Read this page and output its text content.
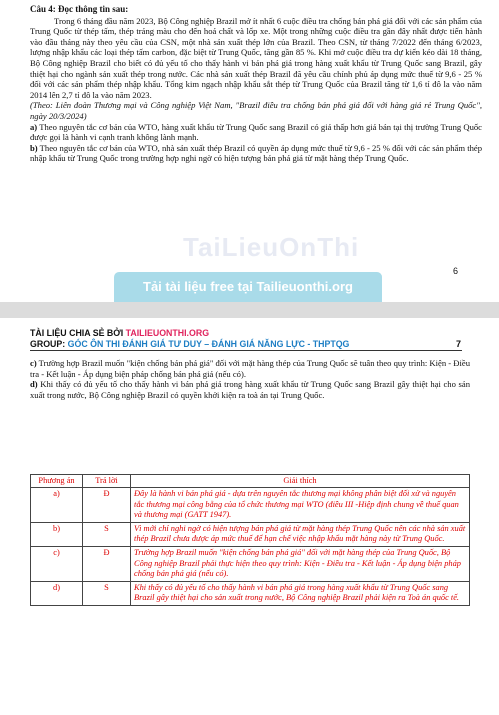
Câu 4: Đọc thông tin sau:

Trong 6 tháng đầu năm 2023, Bộ Công nghiệp Brazil mở ít nhất 6 cuộc điều tra chống bán phá giá đối với các sản phẩm của Trung Quốc từ thép tấm, thép tráng màu cho đến hoá chất và lốp xe. Một trong những cuộc điều tra gần đây nhất được tiến hành vào đầu tháng này theo yêu cầu của CSN, một nhà sản xuất thép lớn của Brazil. Theo CSN, từ tháng 7/2022 đến tháng 6/2023, lượng nhập khẩu các loại thép tấm carbon, đặc biệt từ Trung Quốc, tăng gần 85 %. Khi mở cuộc điều tra dự kiến kéo dài 18 tháng, Bộ Công nghiệp Brazil cho biết có đủ yếu tố cho thấy hành vi bán phá giá trong hàng xuất khẩu từ Trung Quốc sang Brazil, gây thiệt hại cho ngành sản xuất thép trong nước. Các nhà sản xuất thép Brazil đã yêu cầu chính phủ áp dụng mức thuế từ 9,6 - 25 % đối với các sản phẩm thép nhập khẩu. Tổng kim ngạch nhập khẩu sắt thép từ Trung Quốc của Brazil tăng từ 1,6 tỉ đô la vào năm 2014 lên 2,7 tỉ đô la vào năm 2023.

(Theo: Liên đoàn Thương mại và Công nghiệp Việt Nam, "Brazil điều tra chống bán phá giá đối với hàng giá rẻ Trung Quốc", ngày 20/3/2024)

a) Theo nguyên tắc cơ bản của WTO, hàng xuất khẩu từ Trung Quốc sang Brazil có giá thấp hơn giá bán tại thị trường Trung Quốc được gọi là hành vi cạnh tranh không lành mạnh.

b) Theo nguyên tắc cơ bản của WTO, nhà sản xuất thép Brazil có quyền áp dụng mức thuế từ 9,6 - 25 % đối với các sản phẩm thép nhập khẩu từ Trung Quốc trong trường hợp nghi ngờ có hiện tượng bán phá giá từ mặt hàng thép Trung Quốc.

TaiLieuOnThi
6
Tải tài liệu free tại Tailieuonthi.org
TÀI LIỆU CHIA SẺ BỞI TAILIEUONTHI.ORG
GROUP: GÓC ÔN THI ĐÁNH GIÁ TƯ DUY – ĐÁNH GIÁ NĂNG LỰC - THPTQG	7

c) Trường hợp Brazil muốn "kiện chống bán phá giá" đối với mặt hàng thép của Trung Quốc sẽ tuân theo quy trình: Kiện - Điều tra - Kết luận - Áp dụng biện pháp chống bán phá giá (nếu có).

d) Khi thấy có đủ yếu tố cho thấy hành vi bán phá giá trong hàng xuất khẩu từ Trung Quốc sang Brazil gây thiệt hại cho sản xuất trong nước, Bộ Công nghiệp Brazil có quyền khởi kiện ra toà án tại Trung Quốc.

Phương án	Trả lời	Giải thích
a)	Đ	Đây là hành vi bán phá giá - dựa trên nguyên tắc thương mại không phân biệt đối xử và nguyên tắc thương mại công bằng của tổ chức thương mại WTO (điều III -Hiệp định chung về thuế quan và thương mại (GATT 1947).
b)	S	Vì mới chỉ nghi ngờ có hiện tượng bán phá giá từ mặt hàng thép Trung Quốc nên các nhà sản xuất thép Brazil chưa được áp mức thuế để hạn chế việc nhập khẩu mặt hàng này từ Trung Quốc.
c)	Đ	Trường hợp Brazil muốn "kiện chống bán phá giá" đối với mặt hàng thép của Trung Quốc, Bộ Công nghiệp Brazil phải thực hiện theo quy trình: Kiện - Điều tra - Kết luận - Áp dụng biện pháp chống bán phá giá (nếu có).
d)	S	Khi thấy có đủ yếu tố cho thấy hành vi bán phá giá trong hàng xuất khẩu từ Trung Quốc sang Brazil gây thiệt hại cho sản xuất trong nước, Bộ Công nghiệp Brazil phải kiện ra Toà án quốc tế.
